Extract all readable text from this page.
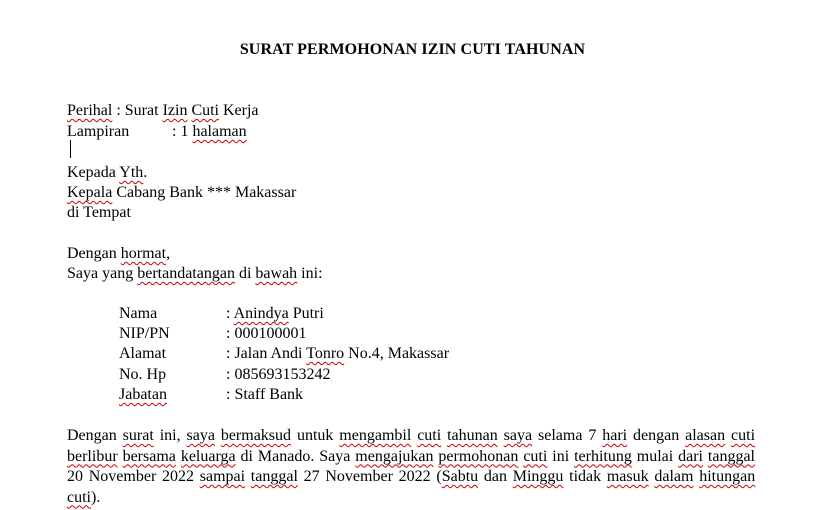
SURAT PERMOHONAN IZIN CUTI TAHUNAN
Perihal : Surat Izin Cuti Kerja
Lampiran	: 1 halaman
Kepada Yth.
Kepala Cabang Bank *** Makassar
di Tempat
Dengan hormat,
Saya yang bertandatangan di bawah ini:
Nama	: Anindya Putri
NIP/PN	: 000100001
Alamat	: Jalan Andi Tonro No.4, Makassar
No. Hp	: 085693153242
Jabatan	: Staff Bank
Dengan surat ini, saya bermaksud untuk mengambil cuti tahunan saya selama 7 hari dengan alasan cuti berlibur bersama keluarga di Manado. Saya mengajukan permohonan cuti ini terhitung mulai dari tanggal 20 November 2022 sampai tanggal 27 November 2022 (Sabtu dan Minggu tidak masuk dalam hitungan cuti).
